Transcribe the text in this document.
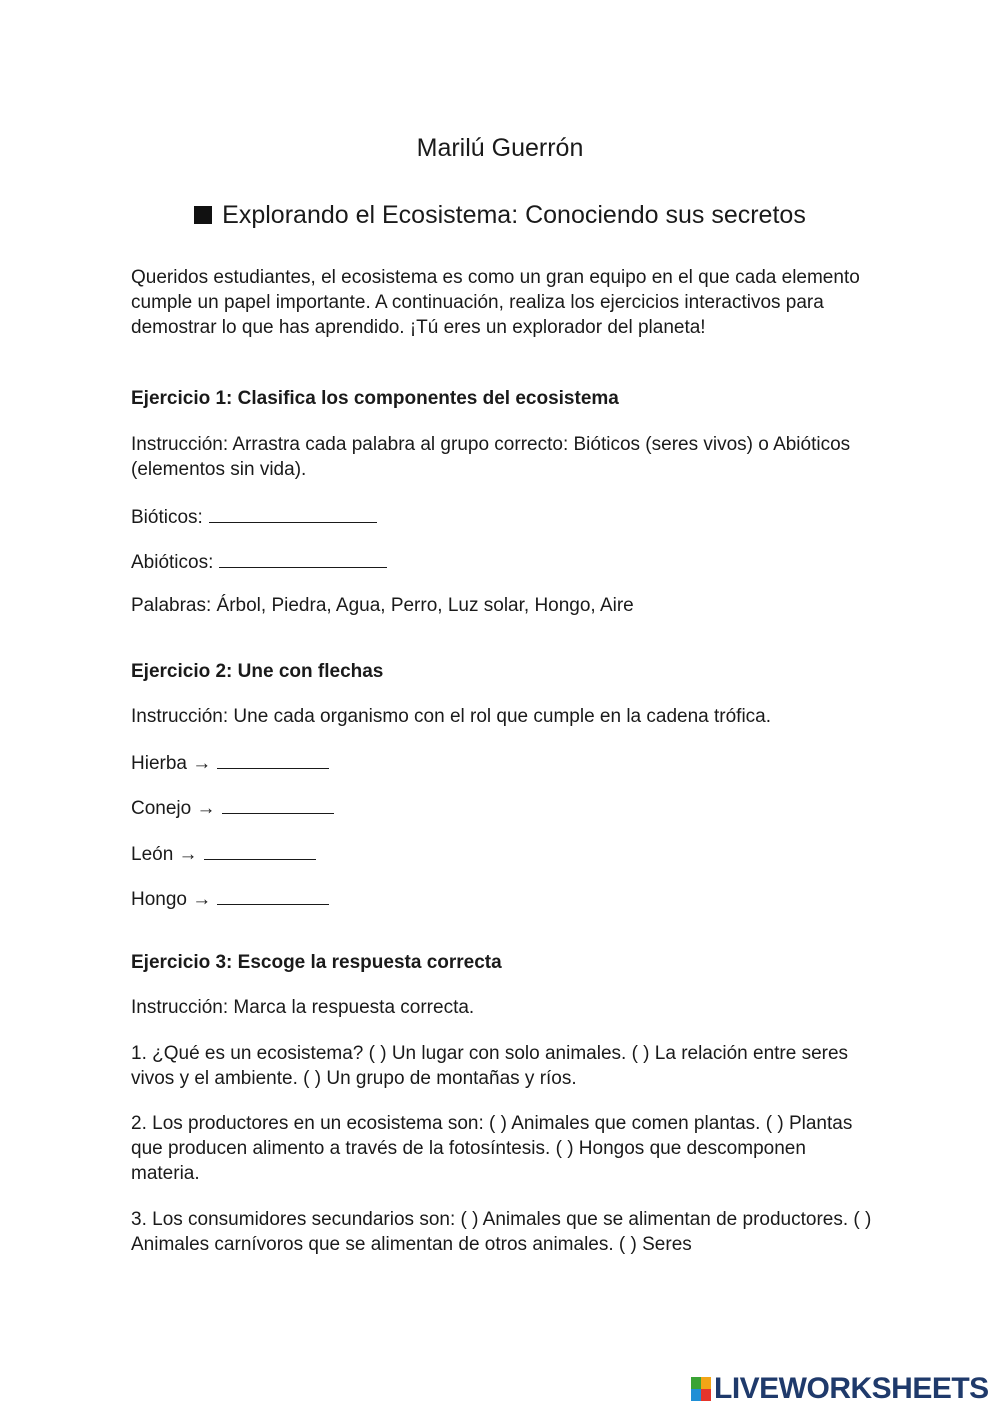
Marilú Guerrón
Explorando el Ecosistema: Conociendo sus secretos

Queridos estudiantes, el ecosistema es como un gran equipo en el que cada elemento cumple un papel importante. A continuación, realiza los ejercicios interactivos para demostrar lo que has aprendido. ¡Tú eres un explorador del planeta!

Ejercicio 1: Clasifica los componentes del ecosistema

Instrucción: Arrastra cada palabra al grupo correcto: Bióticos (seres vivos) o Abióticos (elementos sin vida).

Bióticos:

Abióticos:

Palabras: Árbol, Piedra, Agua, Perro, Luz solar, Hongo, Aire

Ejercicio 2: Une con flechas

Instrucción: Une cada organismo con el rol que cumple en la cadena trófica.

Hierba →

Conejo →

León →

Hongo →

Ejercicio 3: Escoge la respuesta correcta

Instrucción: Marca la respuesta correcta.

1. ¿Qué es un ecosistema? ( ) Un lugar con solo animales. ( ) La relación entre seres vivos y el ambiente. ( ) Un grupo de montañas y ríos.

2. Los productores en un ecosistema son: ( ) Animales que comen plantas. ( ) Plantas que producen alimento a través de la fotosíntesis. ( ) Hongos que descomponen materia.

3. Los consumidores secundarios son: ( ) Animales que se alimentan de productores. ( ) Animales carnívoros que se alimentan de otros animales. ( ) Seres

LIVEWORKSHEETS
